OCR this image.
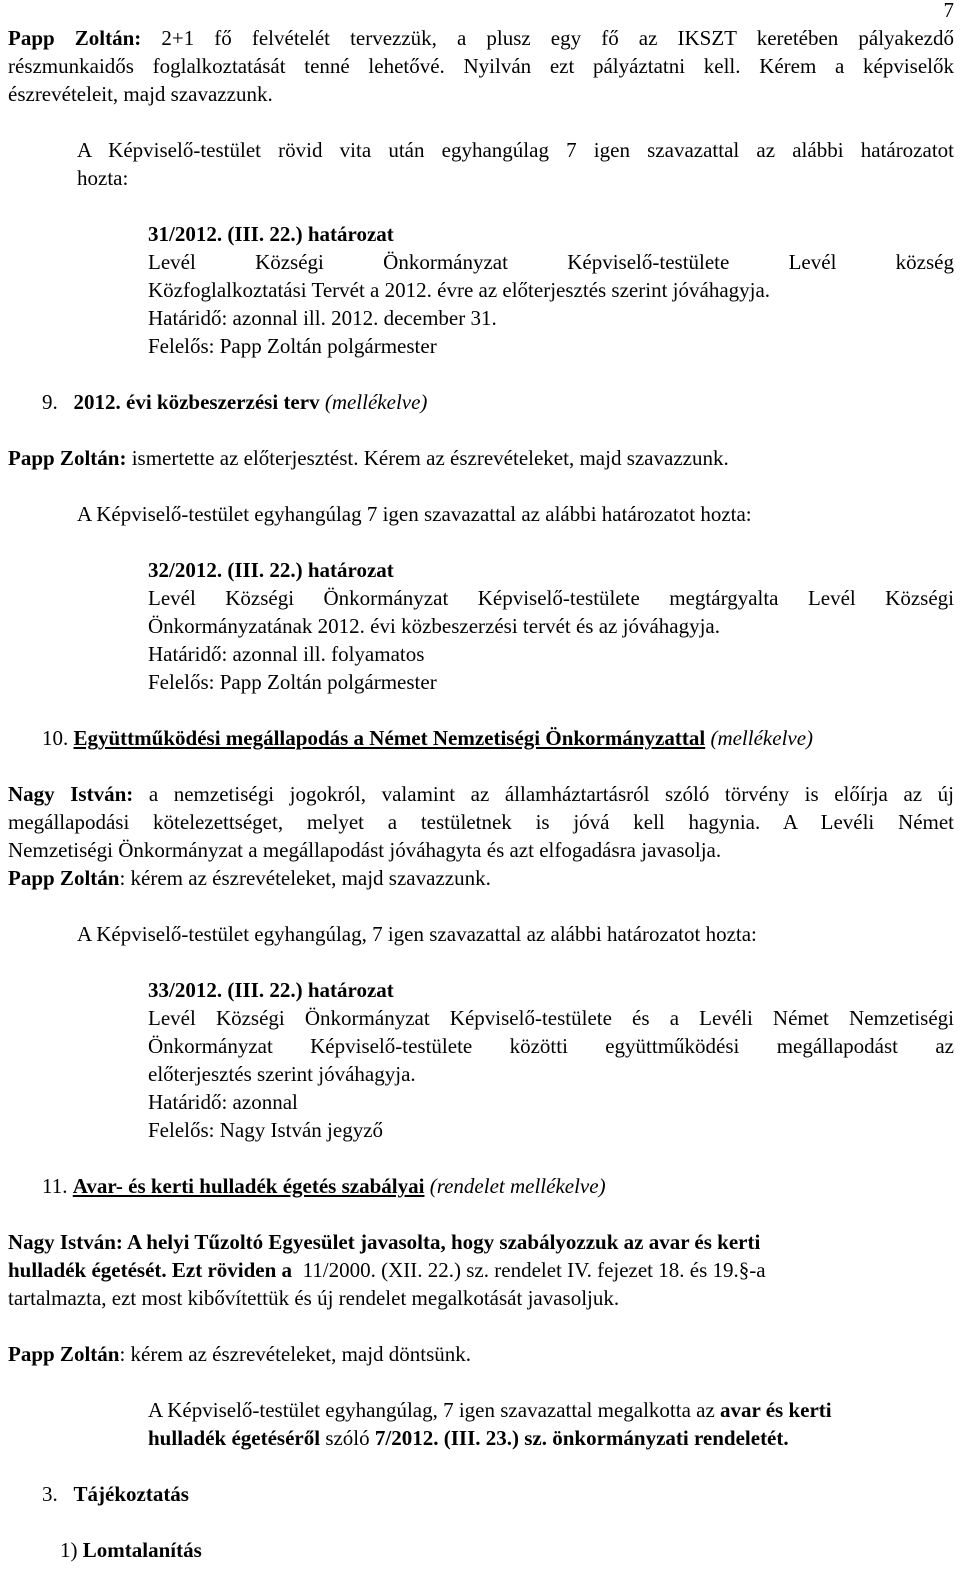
7
Papp Zoltán: 2+1 fő felvételét tervezzük, a plusz egy fő az IKSZT keretében pályakezdő
részmunkaidős foglalkoztatását tenné lehetővé. Nyilván ezt pályáztatni kell. Kérem a képviselők
észrevételeit, majd szavazzunk.
A Képviselő-testület rövid vita után egyhangúlag 7 igen szavazattal az alábbi határozatot
hozta:
31/2012. (III. 22.) határozat
Levél Községi Önkormányzat Képviselő-testülete Levél község
Közfoglalkoztatási Tervét a 2012. évre az előterjesztés szerint jóváhagyja.
Határidő: azonnal ill. 2012. december 31.
Felelős: Papp Zoltán polgármester
9. 2012. évi közbeszerzési terv (mellékelve)
Papp Zoltán: ismertette az előterjesztést. Kérem az észrevételeket, majd szavazzunk.
A Képviselő-testület egyhangúlag 7 igen szavazattal az alábbi határozatot hozta:
32/2012. (III. 22.) határozat
Levél Községi Önkormányzat Képviselő-testülete megtárgyalta Levél Községi
Önkormányzatának 2012. évi közbeszerzési tervét és az jóváhagyja.
Határidő: azonnal ill. folyamatos
Felelős: Papp Zoltán polgármester
10. Együttműködési megállapodás a Német Nemzetiségi Önkormányzattal (mellékelve)
Nagy István: a nemzetiségi jogokról, valamint az államháztartásról szóló törvény is előírja az új
megállapodási kötelezettséget, melyet a testületnek is jóvá kell hagynia. A Levéli Német
Nemzetiségi Önkormányzat a megállapodást jóváhagyta és azt elfogadásra javasolja.
Papp Zoltán: kérem az észrevételeket, majd szavazzunk.
A Képviselő-testület egyhangúlag, 7 igen szavazattal az alábbi határozatot hozta:
33/2012. (III. 22.) határozat
Levél Községi Önkormányzat Képviselő-testülete és a Levéli Német Nemzetiségi
Önkormányzat Képviselő-testülete közötti együttműködési megállapodást az
előterjesztés szerint jóváhagyja.
Határidő: azonnal
Felelős: Nagy István jegyző
11. Avar- és kerti hulladék égetés szabályai (rendelet mellékelve)
Nagy István: A helyi Tűzoltó Egyesület javasolta, hogy szabályozzuk az avar és kerti
hulladék égetését. Ezt röviden a 11/2000. (XII. 22.) sz. rendelet IV. fejezet 18. és 19.§-a
tartalmazta, ezt most kibővítettük és új rendelet megalkotását javasoljuk.
Papp Zoltán: kérem az észrevételeket, majd döntsünk.
A Képviselő-testület egyhangúlag, 7 igen szavazattal megalkotta az avar és kerti
hulladék égetéséről szóló 7/2012. (III. 23.) sz. önkormányzati rendeletét.
3. Tájékoztatás
1) Lomtalanítás
